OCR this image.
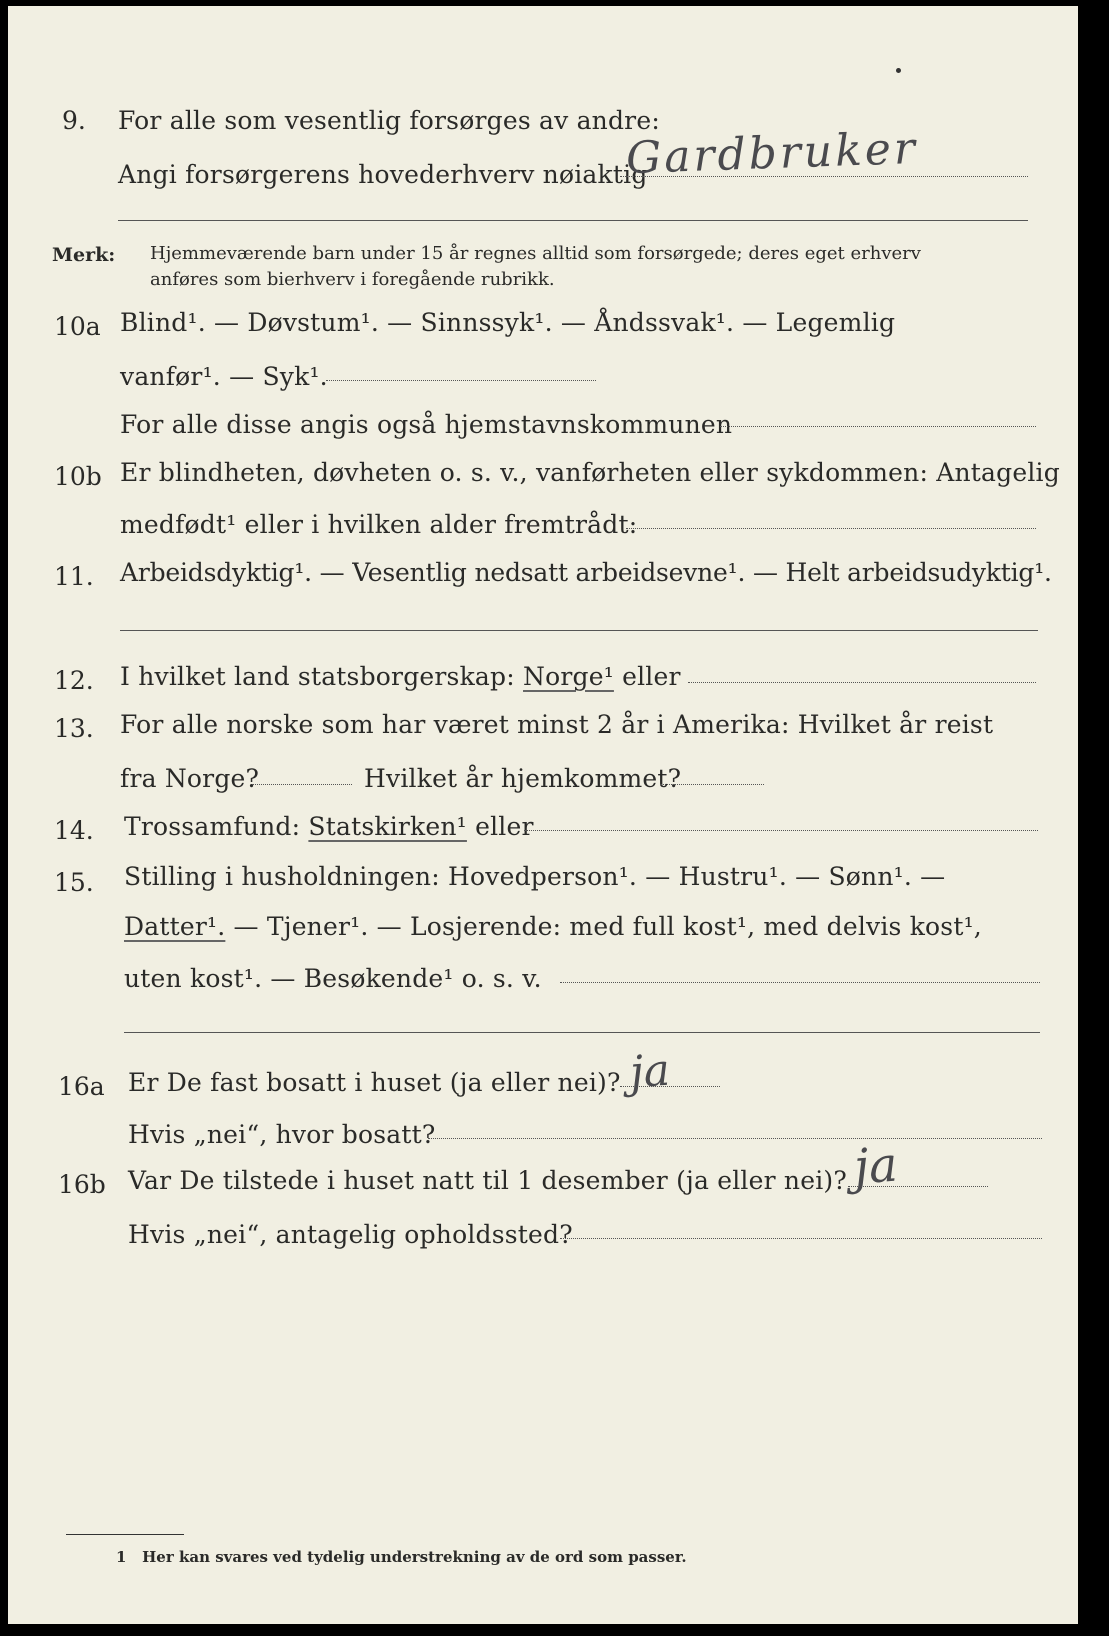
9. For alle som vesentlig forsørges av andre:
Angi forsørgerens hovederhverv nøiaktig
Gardbruker
Merk: Hjemmeværende barn under 15 år regnes alltid som forsørgede; deres eget erhverv
anføres som bierhverv i foregående rubrikk.
10a Blind¹. — Døvstum¹. — Sinnssyk¹. — Åndssvak¹. — Legemlig
vanfør¹. — Syk¹.
For alle disse angis også hjemstavnskommunen
10b Er blindheten, døvheten o. s. v., vanførheten eller sykdommen: Antagelig
medfødt¹ eller i hvilken alder fremtrådt:
11. Arbeidsdyktig¹. — Vesentlig nedsatt arbeidsevne¹. — Helt arbeidsudyktig¹.
12. I hvilket land statsborgerskap: Norge¹ eller
13. For alle norske som har været minst 2 år i Amerika: Hvilket år reist
fra Norge?	Hvilket år hjemkommet?
14. Trossamfund: Statskirken¹ eller
15. Stilling i husholdningen: Hovedperson¹. — Hustru¹. — Sønn¹. —
Datter¹. — Tjener¹. — Losjerende: med full kost¹, med delvis kost¹,
uten kost¹. — Besøkende¹ o. s. v.
16a Er De fast bosatt i huset (ja eller nei)? ja
Hvis „nei“, hvor bosatt?
16b Var De tilstede i huset natt til 1 desember (ja eller nei)? ja
Hvis „nei“, antagelig opholdssted?
1 Her kan svares ved tydelig understrekning av de ord som passer.
